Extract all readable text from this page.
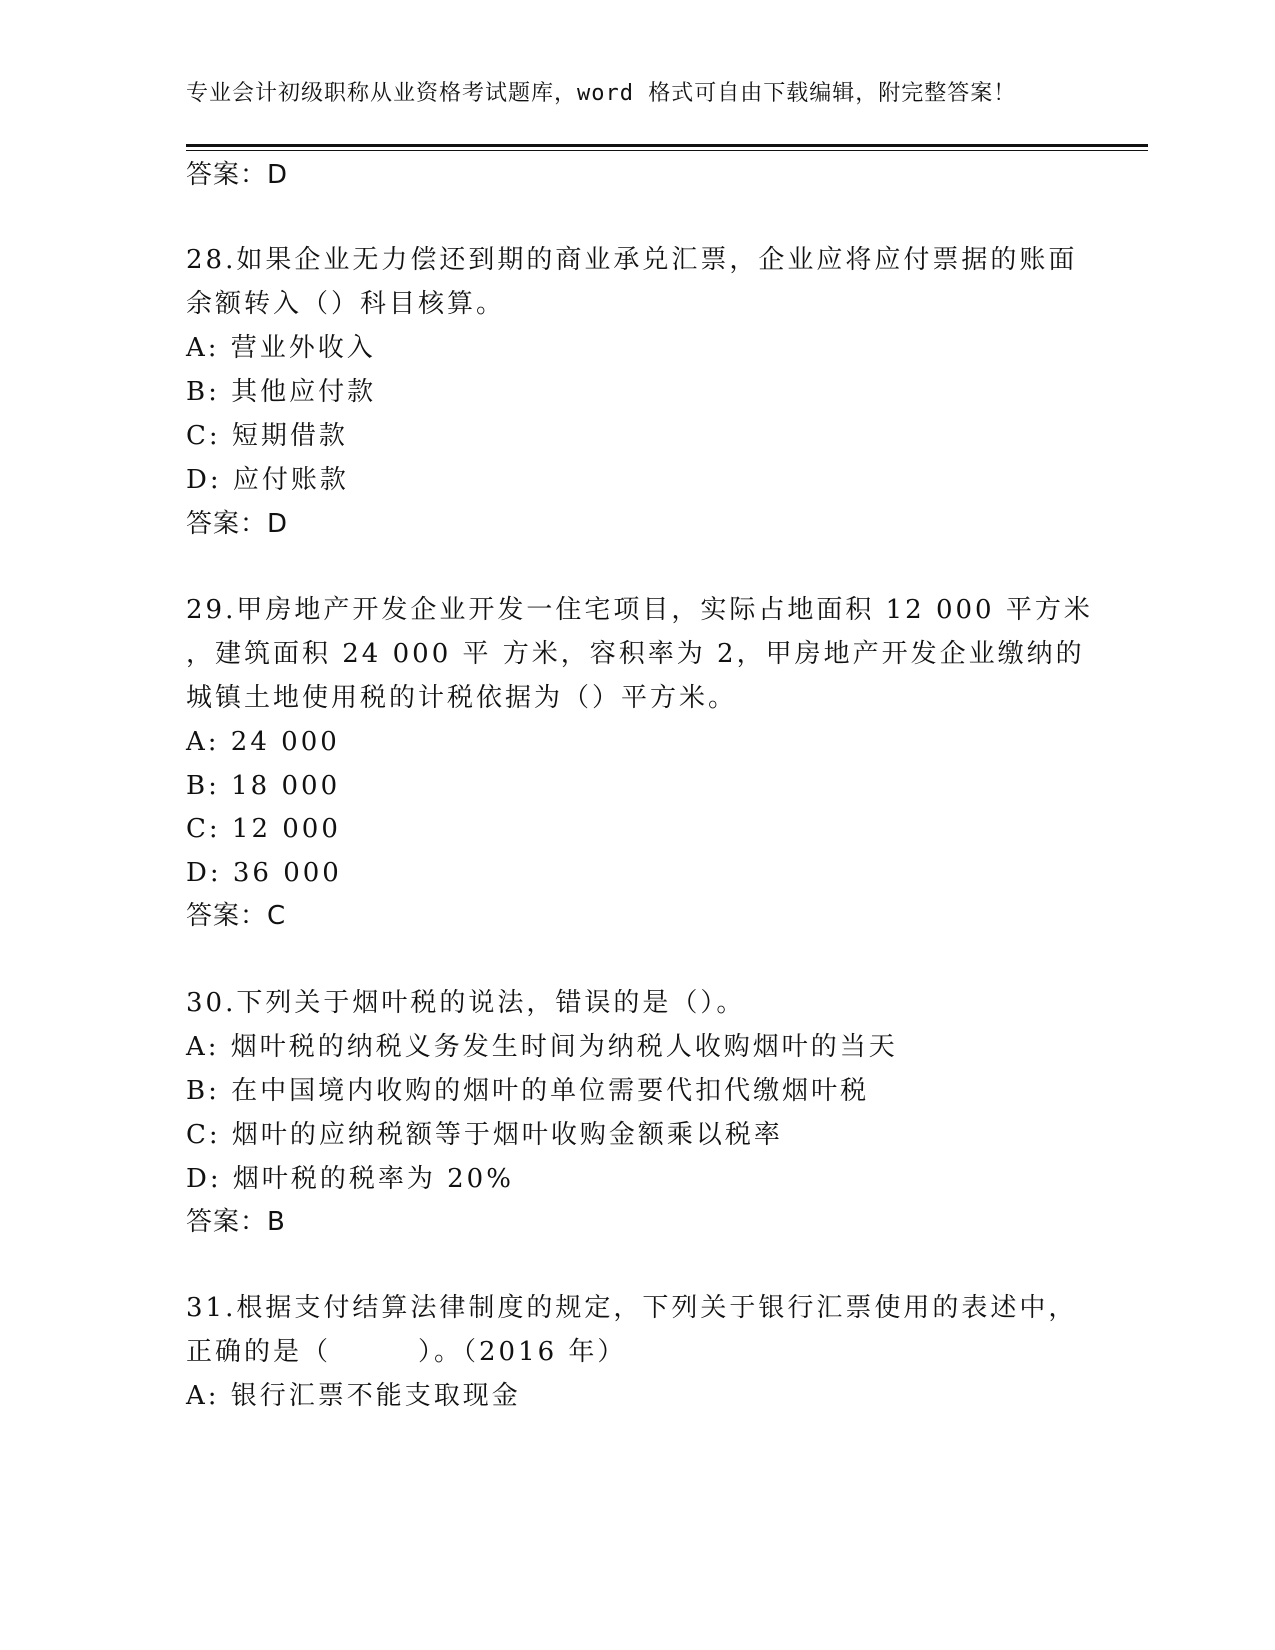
专业会计初级职称从业资格考试题库，word 格式可自由下载编辑，附完整答案！
答案：D
28.如果企业无力偿还到期的商业承兑汇票，企业应将应付票据的账面
余额转入（）科目核算。
A: 营业外收入
B: 其他应付款
C: 短期借款
D: 应付账款
答案：D
29.甲房地产开发企业开发一住宅项目，实际占地面积 12 000 平方米
，建筑面积 24 000 平 方米，容积率为 2，甲房地产开发企业缴纳的
城镇土地使用税的计税依据为（）平方米。
A: 24 000
B: 18 000
C: 12 000
D: 36 000
答案：C
30.下列关于烟叶税的说法，错误的是（）。
A: 烟叶税的纳税义务发生时间为纳税人收购烟叶的当天
B: 在中国境内收购的烟叶的单位需要代扣代缴烟叶税
C: 烟叶的应纳税额等于烟叶收购金额乘以税率
D: 烟叶税的税率为 20%
答案：B
31.根据支付结算法律制度的规定，下列关于银行汇票使用的表述中，
正确的是（　　　）。（2016 年）
A: 银行汇票不能支取现金
